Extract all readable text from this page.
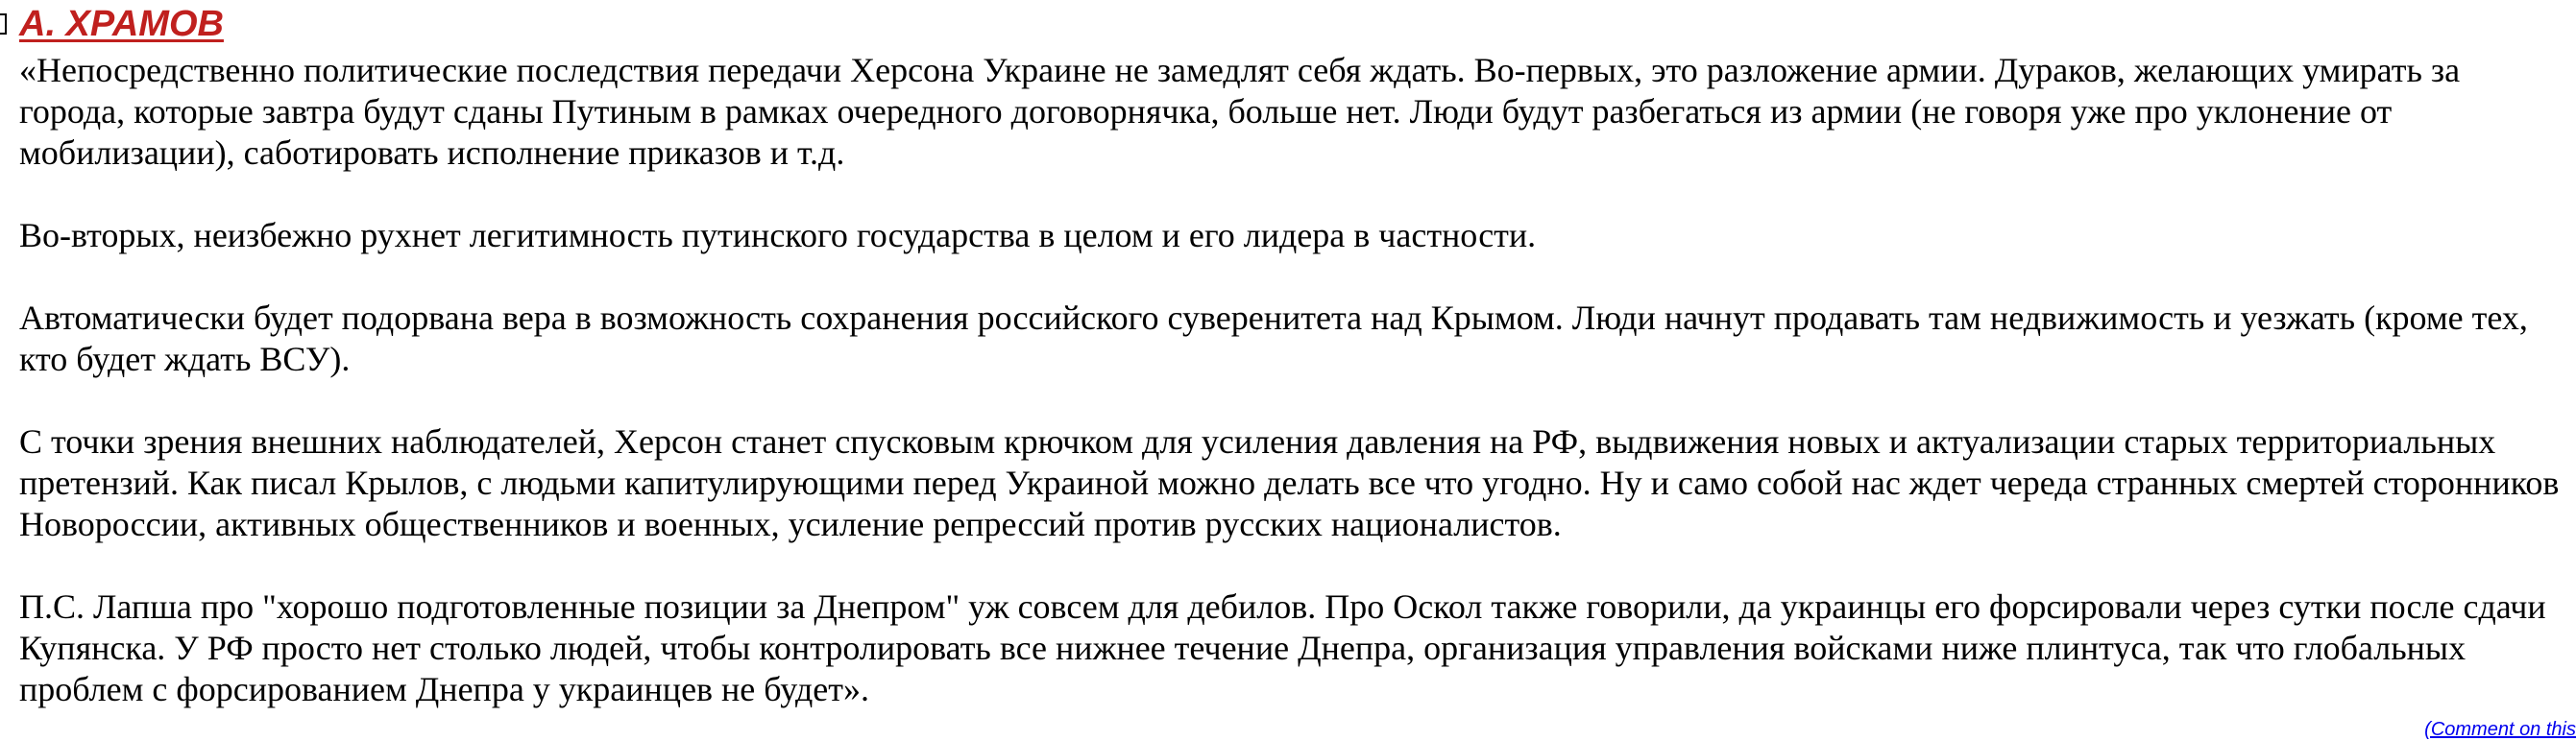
А. ХРАМОВ

«Непосредственно политические последствия передачи Херсона Украине не замедлят себя ждать. Во-первых, это разложение армии. Дураков, желающих умирать за города, которые завтра будут сданы Путиным в рамках очередного договорнячка, больше нет. Люди будут разбегаться из армии (не говоря уже про уклонение от мобилизации), саботировать исполнение приказов и т.д.

Во-вторых, неизбежно рухнет легитимность путинского государства в целом и его лидера в частности.

Автоматически будет подорвана вера в возможность сохранения российского суверенитета над Крымом. Люди начнут продавать там недвижимость и уезжать (кроме тех, кто будет ждать ВСУ).

С точки зрения внешних наблюдателей, Херсон станет спусковым крючком для усиления давления на РФ, выдвижения новых и актуализации старых территориальных претензий. Как писал Крылов, с людьми капитулирующими перед Украиной можно делать все что угодно. Ну и само собой нас ждет череда странных смертей сторонников Новороссии, активных общественников и военных, усиление репрессий против русских националистов.

П.С. Лапша про "хорошо подготовленные позиции за Днепром" уж совсем для дебилов. Про Оскол также говорили, да украинцы его форсировали через сутки после сдачи Купянска. У РФ просто нет столько людей, чтобы контролировать все нижнее течение Днепра, организация управления войсками ниже плинтуса, так что глобальных проблем с форсированием Днепра у украинцев не будет».

(Comment on this
